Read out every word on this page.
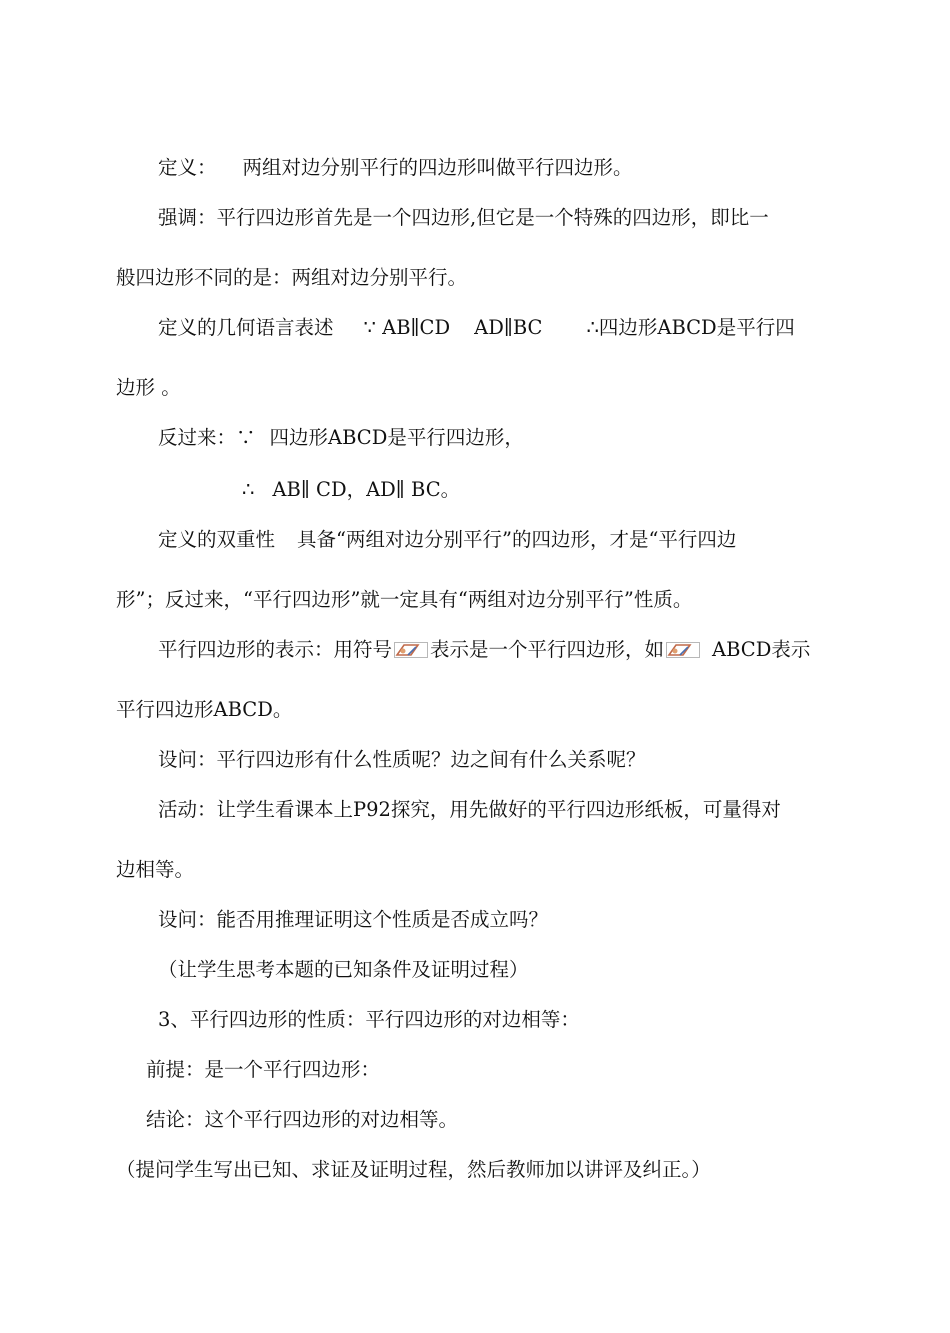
定义： 两组对边分别平行的四边形叫做平行四边形。
强调：平行四边形首先是一个四边形,但它是一个特殊的四边形，即比一
般四边形不同的是：两组对边分别平行。
定义的几何语言表述 ∵ AB∥CD AD∥BC ∴四边形ABCD是平行四
边形 。
反过来：∵ 四边形ABCD是平行四边形，
∴ AB∥ CD，AD∥ BC。
定义的双重性 具备“两组对边分别平行”的四边形，才是“平行四边
形”；反过来，“平行四边形”就一定具有“两组对边分别平行”性质。
平行四边形的表示：用符号 表示是一个平行四边形，如 ABCD表示
平行四边形ABCD。
设问：平行四边形有什么性质呢？边之间有什么关系呢？
活动：让学生看课本上P92探究，用先做好的平行四边形纸板，可量得对
边相等。
设问：能否用推理证明这个性质是否成立吗？
（让学生思考本题的已知条件及证明过程）
3、平行四边形的性质：平行四边形的对边相等：
前提：是一个平行四边形：
结论：这个平行四边形的对边相等。
（提问学生写出已知、求证及证明过程，然后教师加以讲评及纠正。）
